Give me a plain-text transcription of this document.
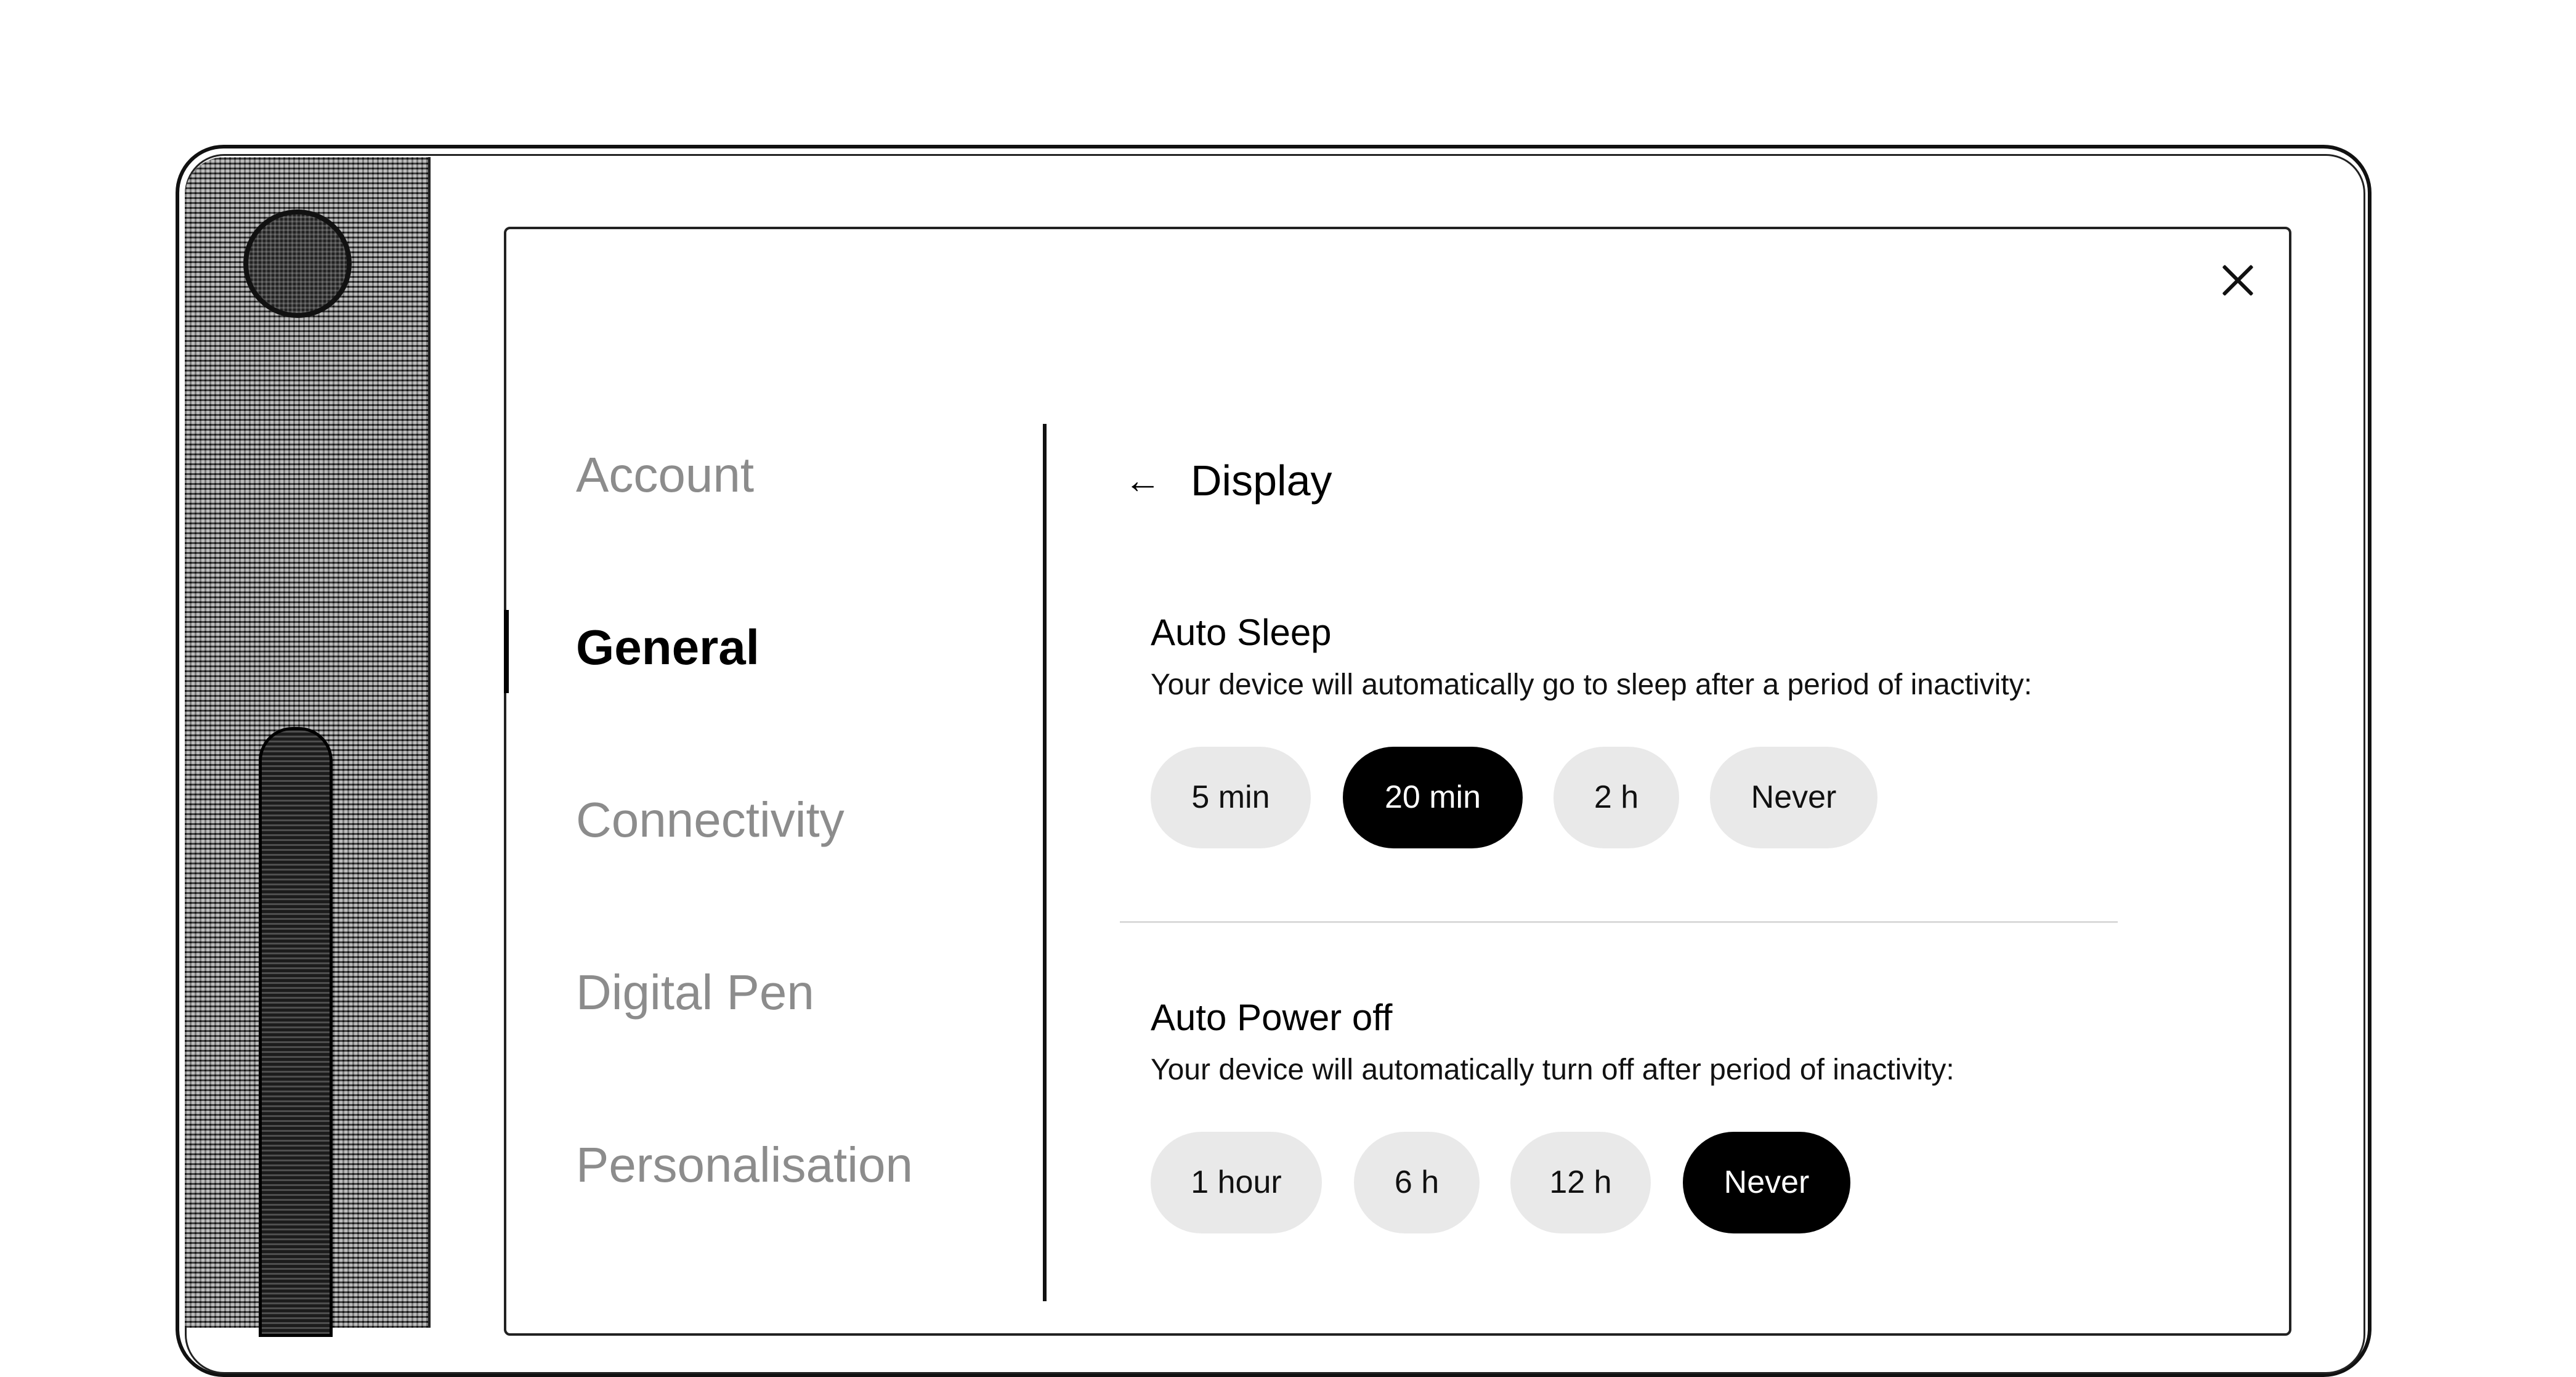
Account
General
Connectivity
Digital Pen
Personalisation
← Display
Auto Sleep
Your device will automatically go to sleep after a period of inactivity:
5 min	20 min	2 h	Never
Auto Power off
Your device will automatically turn off after period of inactivity:
1 hour	6 h	12 h	Never
